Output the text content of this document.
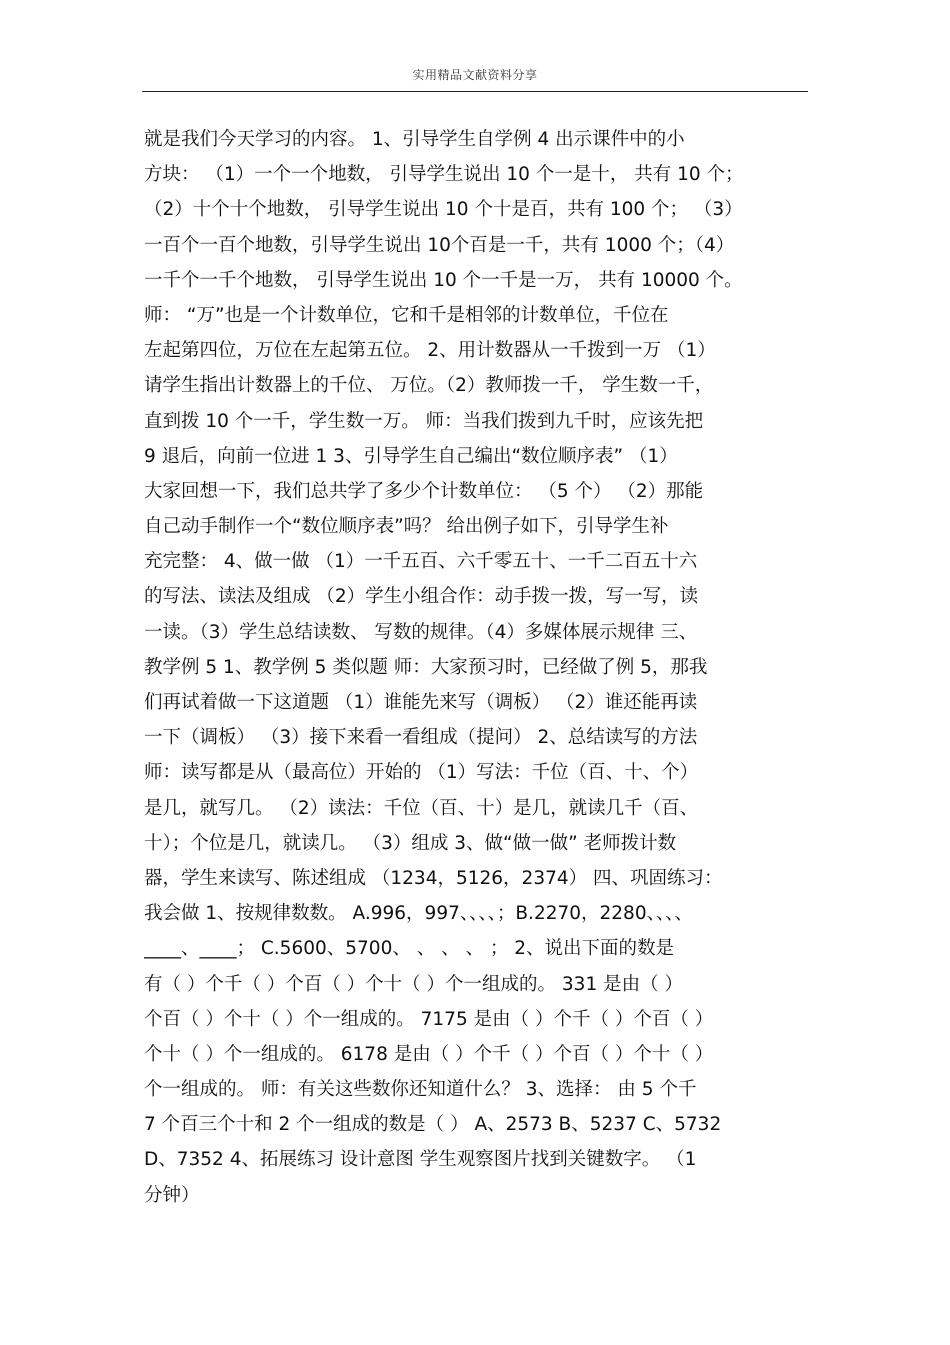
实用精品文献资料分享
就是我们今天学习的内容。 1、引导学生自学例 4 出示课件中的小
方块： （1）一个一个地数， 引导学生说出 10 个一是十， 共有 10 个；
（2）十个十个地数， 引导学生说出 10 个十是百，共有 100 个； （3）
一百个一百个地数，引导学生说出 10个百是一千，共有 1000 个；（4）
一千个一千个地数， 引导学生说出 10 个一千是一万， 共有 10000 个。
师： “万”也是一个计数单位，它和千是相邻的计数单位，千位在
左起第四位，万位在左起第五位。 2、用计数器从一千拨到一万 （1）
请学生指出计数器上的千位、 万位。（2）教师拨一千， 学生数一千，
直到拨 10 个一千，学生数一万。 师：当我们拨到九千时，应该先把
9 退后，向前一位进 1 3、引导学生自己编出“数位顺序表” （1）
大家回想一下，我们总共学了多少个计数单位： （5 个） （2）那能
自己动手制作一个“数位顺序表”吗？ 给出例子如下，引导学生补
充完整： 4、做一做 （1）一千五百、六千零五十、一千二百五十六
的写法、读法及组成 （2）学生小组合作：动手拨一拨，写一写，读
一读。（3）学生总结读数、 写数的规律。（4）多媒体展示规律 三、
教学例 5 1、教学例 5 类似题 师：大家预习时，已经做了例 5，那我
们再试着做一下这道题 （1）谁能先来写（调板） （2）谁还能再读
一下（调板） （3）接下来看一看组成（提问） 2、总结读写的方法
师：读写都是从（最高位）开始的 （1）写法：千位（百、十、个）
是几，就写几。 （2）读法：千位（百、十）是几，就读几千（百、
十）；个位是几，就读几。 （3）组成 3、做“做一做” 老师拨计数
器，学生来读写、陈述组成 （1234，5126，2374） 四、巩固练习：
我会做 1、按规律数数。 A.996，997、、、、；B.2270，2280、、、、
____、____； C.5600、5700、 、 、 、 ； 2、说出下面的数是
有（ ）个千（ ）个百（ ）个十（ ）个一组成的。 331 是由（ ）
个百（ ）个十（ ）个一组成的。 7175 是由（ ）个千（ ）个百（ ）
个十（ ）个一组成的。 6178 是由（ ）个千（ ）个百（ ）个十（ ）
个一组成的。 师：有关这些数你还知道什么？ 3、选择： 由 5 个千
7 个百三个十和 2 个一组成的数是（ ） A、2573 B、5237 C、5732
D、7352 4、拓展练习 设计意图 学生观察图片找到关键数字。 （1
分钟）
